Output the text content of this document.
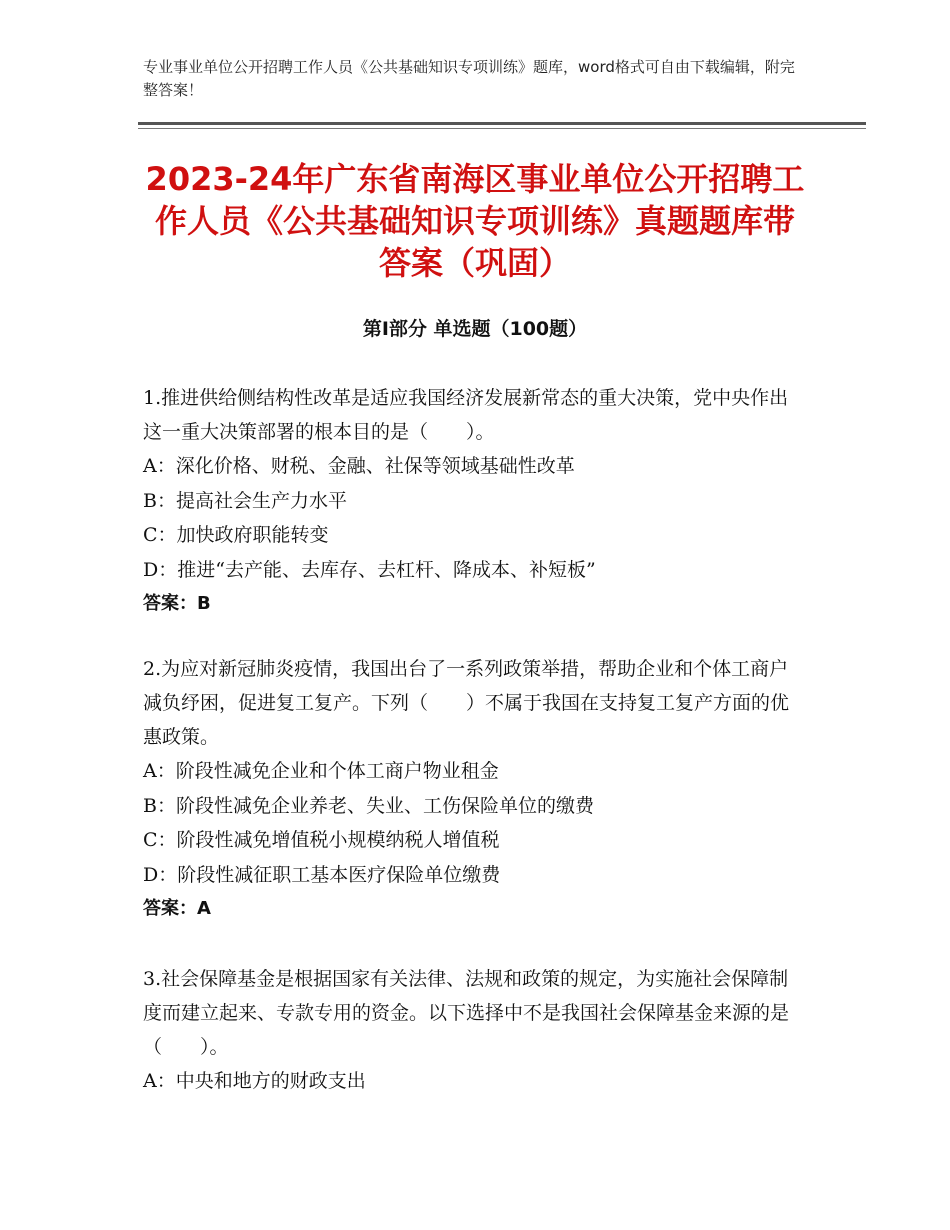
专业事业单位公开招聘工作人员《公共基础知识专项训练》题库，word格式可自由下载编辑，附完整答案！
2023-24年广东省南海区事业单位公开招聘工作人员《公共基础知识专项训练》真题题库带答案（巩固）
第Ⅰ部分 单选题（100题）

1.推进供给侧结构性改革是适应我国经济发展新常态的重大决策，党中央作出这一重大决策部署的根本目的是（　　）。

A：深化价格、财税、金融、社保等领域基础性改革

B：提高社会生产力水平

C：加快政府职能转变

D：推进“去产能、去库存、去杠杆、降成本、补短板”

答案：B

2.为应对新冠肺炎疫情，我国出台了一系列政策举措，帮助企业和个体工商户减负纾困，促进复工复产。下列（　　）不属于我国在支持复工复产方面的优惠政策。

A：阶段性减免企业和个体工商户物业租金

B：阶段性减免企业养老、失业、工伤保险单位的缴费

C：阶段性减免增值税小规模纳税人增值税

D：阶段性减征职工基本医疗保险单位缴费

答案：A

3.社会保障基金是根据国家有关法律、法规和政策的规定，为实施社会保障制度而建立起来、专款专用的资金。以下选择中不是我国社会保障基金来源的是（　　）。

A：中央和地方的财政支出
